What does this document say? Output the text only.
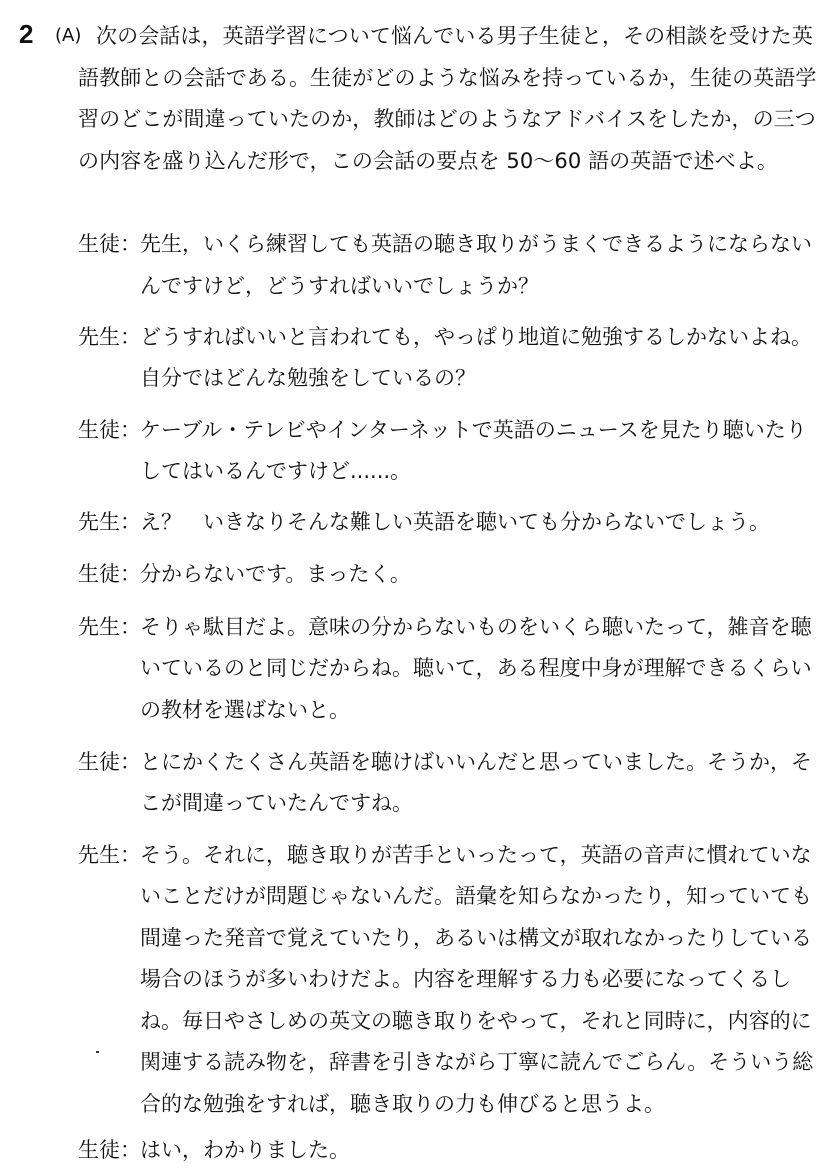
2 (A) 次の会話は，英語学習について悩んでいる男子生徒と，その相談を受けた英
語教師との会話である。生徒がどのような悩みを持っているか，生徒の英語学
習のどこが間違っていたのか，教師はどのようなアドバイスをしたか，の三つ
の内容を盛り込んだ形で，この会話の要点を 50～60 語の英語で述べよ。
生徒： 先生，いくら練習しても英語の聴き取りがうまくできるようにならない
んですけど，どうすればいいでしょうか？
先生： どうすればいいと言われても，やっぱり地道に勉強するしかないよね。
自分ではどんな勉強をしているの？
生徒： ケーブル・テレビやインターネットで英語のニュースを見たり聴いたり
してはいるんですけど......。
先生： え？　いきなりそんな難しい英語を聴いても分からないでしょう。
生徒： 分からないです。まったく。
先生： そりゃ駄目だよ。意味の分からないものをいくら聴いたって，雑音を聴
いているのと同じだからね。聴いて，ある程度中身が理解できるくらい
の教材を選ばないと。
生徒： とにかくたくさん英語を聴けばいいんだと思っていました。そうか，そ
こが間違っていたんですね。
先生： そう。それに，聴き取りが苦手といったって，英語の音声に慣れていな
いことだけが問題じゃないんだ。語彙を知らなかったり，知っていても
間違った発音で覚えていたり，あるいは構文が取れなかったりしている
場合のほうが多いわけだよ。内容を理解する力も必要になってくるし
ね。毎日やさしめの英文の聴き取りをやって，それと同時に，内容的に
関連する読み物を，辞書を引きながら丁寧に読んでごらん。そういう総
合的な勉強をすれば，聴き取りの力も伸びると思うよ。
生徒： はい，わかりました。
